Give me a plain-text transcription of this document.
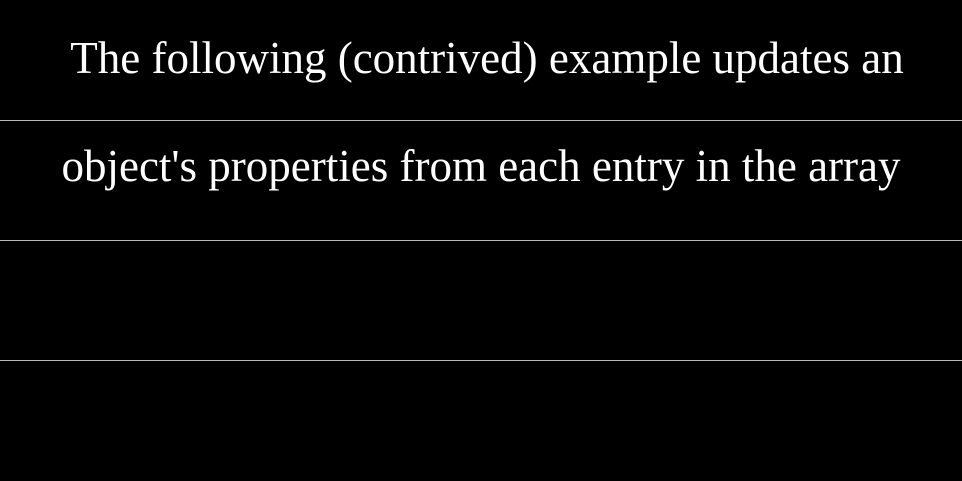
The following (contrived) example updates an
object's properties from each entry in the array
